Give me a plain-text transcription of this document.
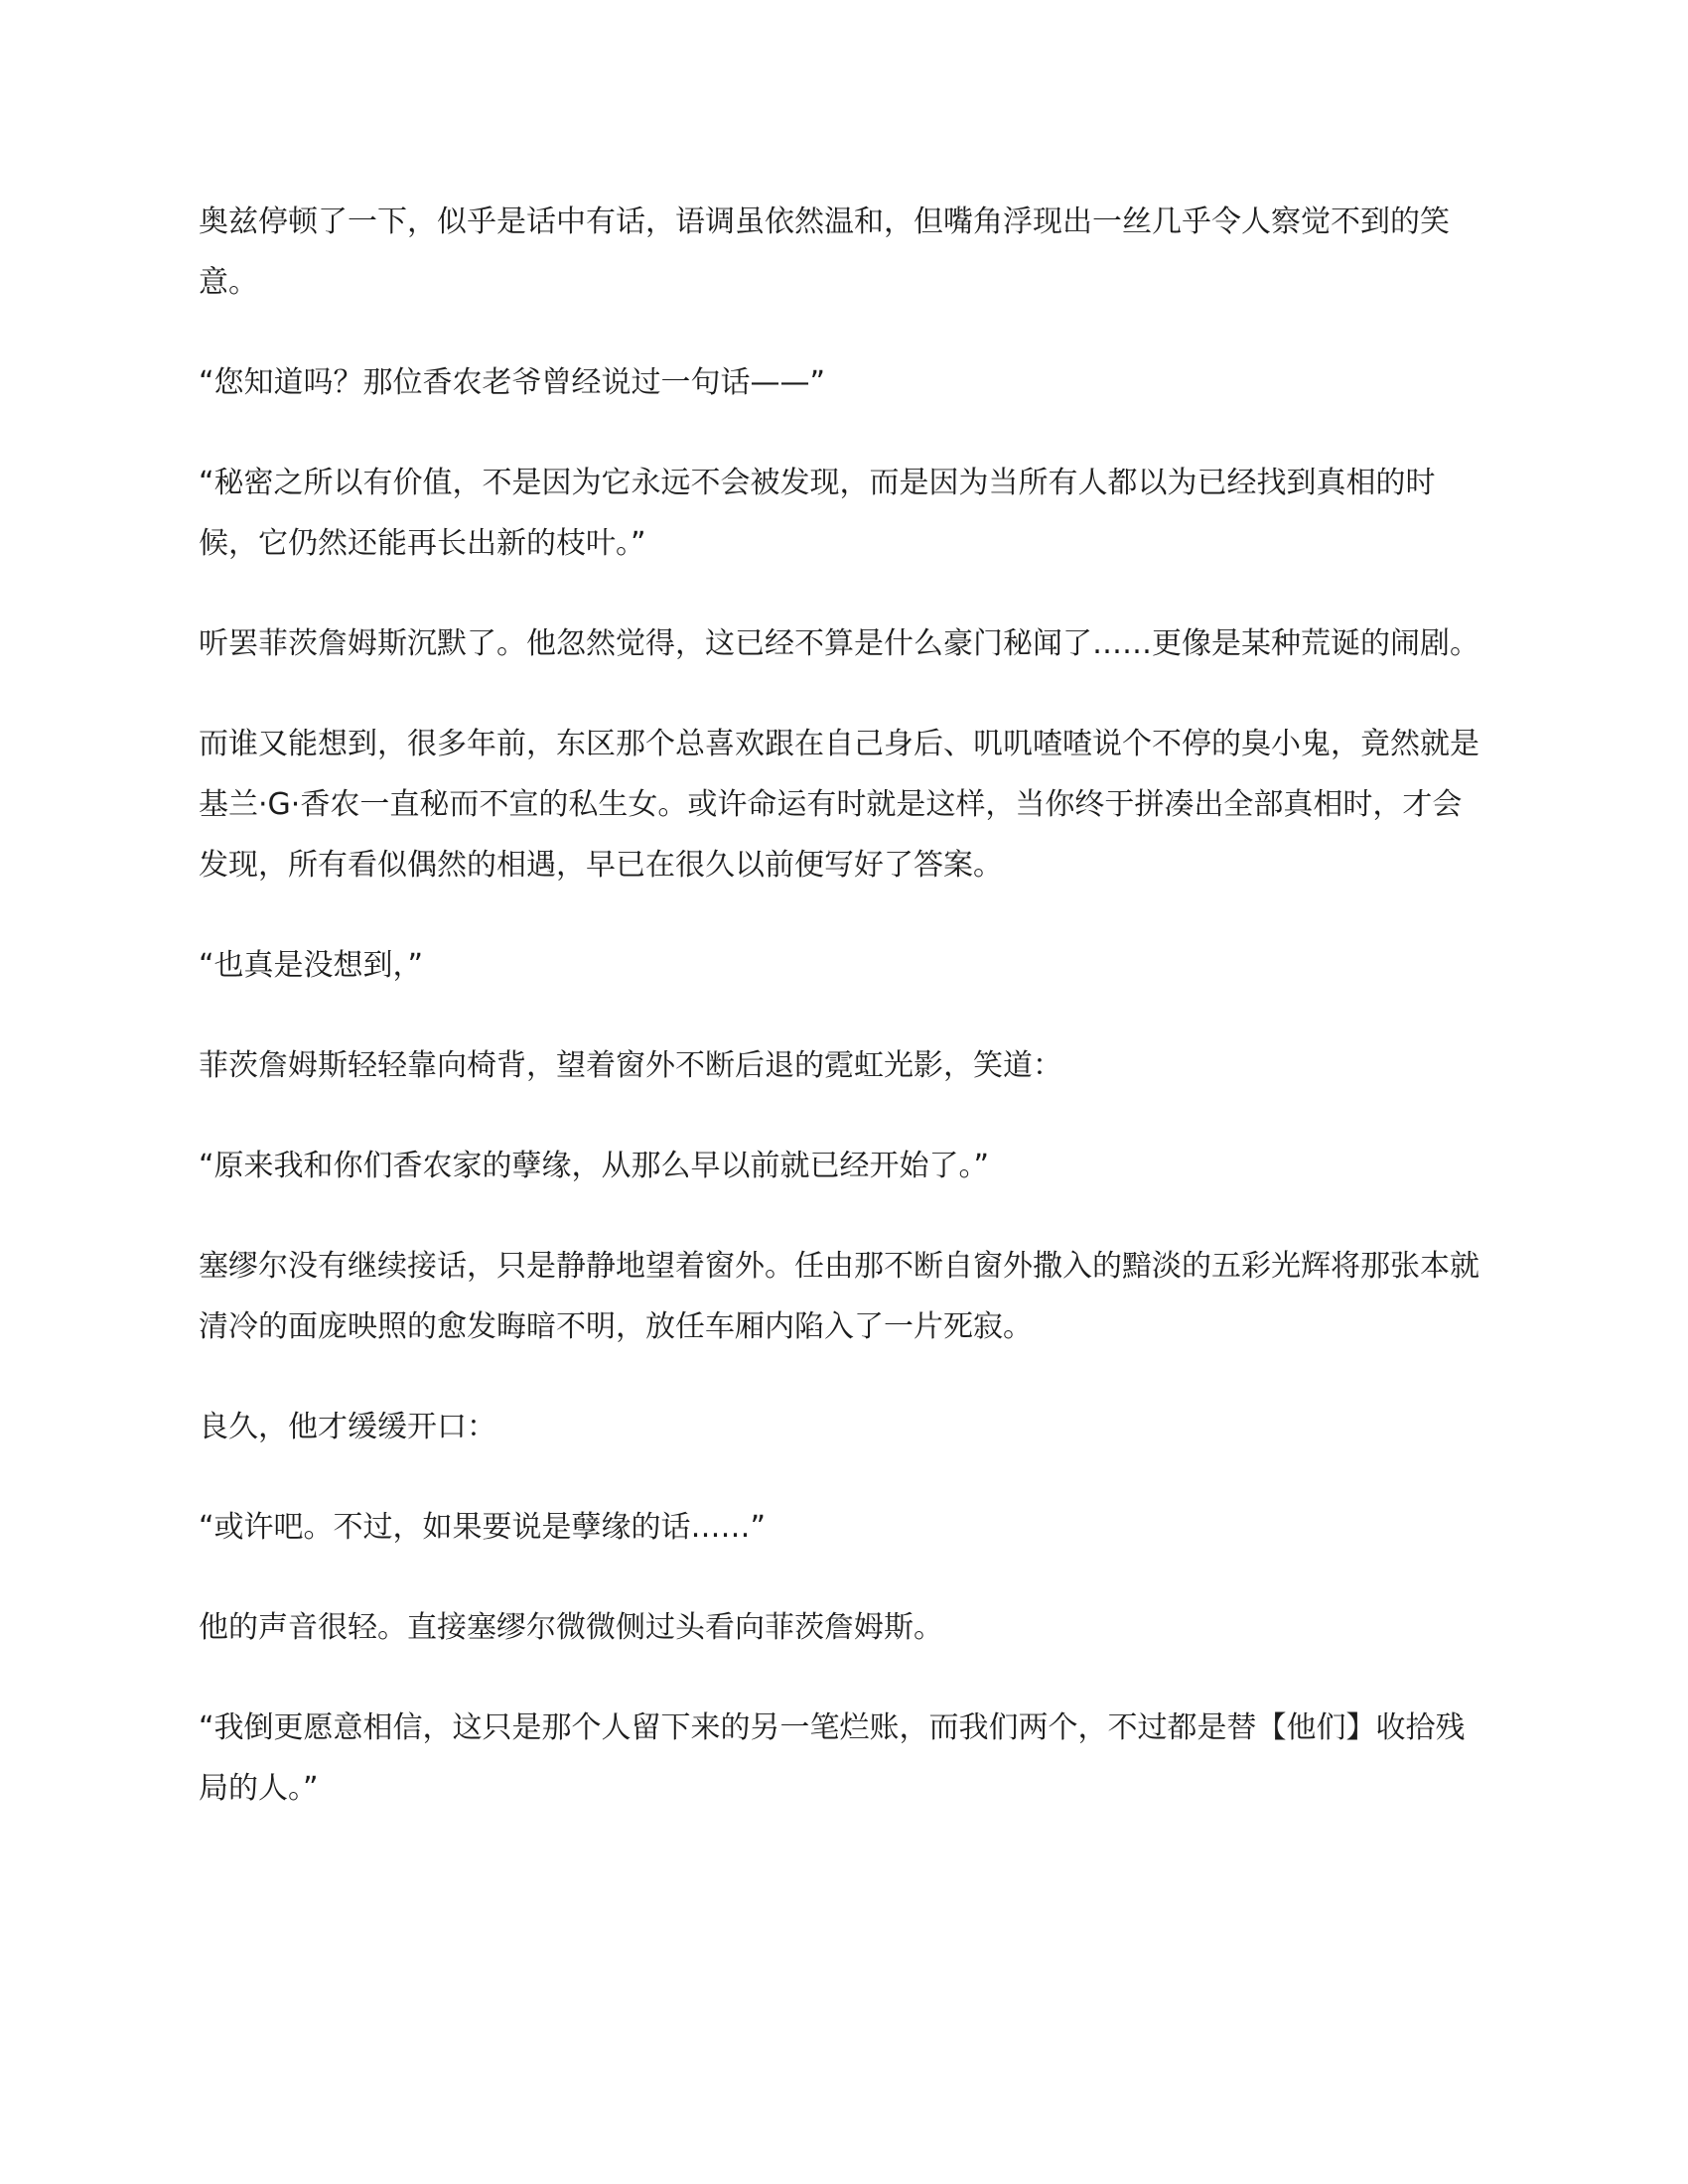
奥兹停顿了一下，似乎是话中有话，语调虽依然温和，但嘴角浮现出一丝几乎令人察觉不到的笑意。

“您知道吗？那位香农老爷曾经说过一句话——”

“秘密之所以有价值，不是因为它永远不会被发现，而是因为当所有人都以为已经找到真相的时候，它仍然还能再长出新的枝叶。”

听罢菲茨詹姆斯沉默了。他忽然觉得，这已经不算是什么豪门秘闻了……更像是某种荒诞的闹剧。

而谁又能想到，很多年前，东区那个总喜欢跟在自己身后、叽叽喳喳说个不停的臭小鬼，竟然就是基兰·G·香农一直秘而不宣的私生女。或许命运有时就是这样，当你终于拼凑出全部真相时，才会发现，所有看似偶然的相遇，早已在很久以前便写好了答案。

“也真是没想到，”

菲茨詹姆斯轻轻靠向椅背，望着窗外不断后退的霓虹光影，笑道：

“原来我和你们香农家的孽缘，从那么早以前就已经开始了。”

塞缪尔没有继续接话，只是静静地望着窗外。任由那不断自窗外撒入的黯淡的五彩光辉将那张本就清冷的面庞映照的愈发晦暗不明，放任车厢内陷入了一片死寂。

良久，他才缓缓开口：

“或许吧。不过，如果要说是孽缘的话……”

他的声音很轻。直接塞缪尔微微侧过头看向菲茨詹姆斯。

“我倒更愿意相信，这只是那个人留下来的另一笔烂账，而我们两个，不过都是替【他们】收拾残局的人。”
